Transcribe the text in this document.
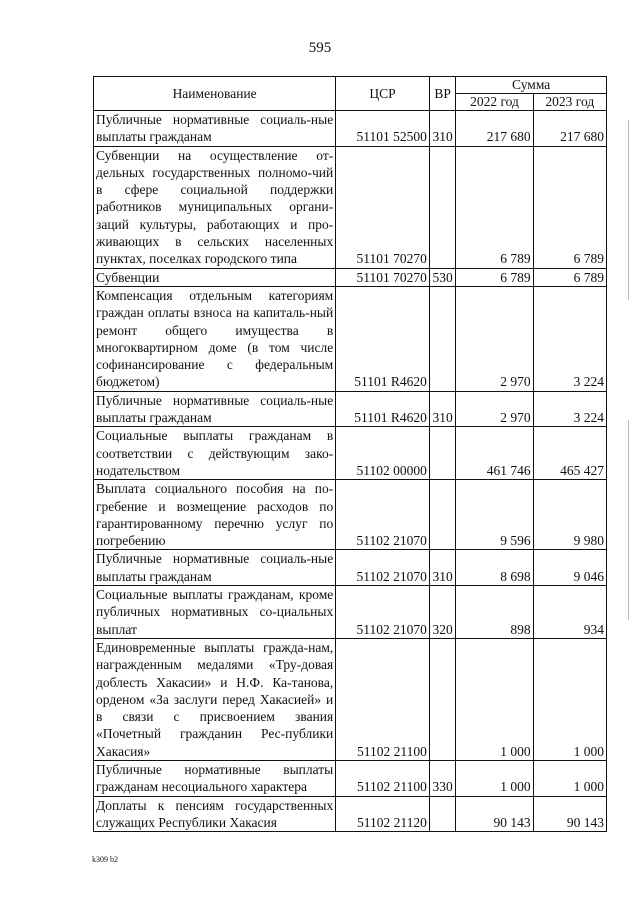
595
Наименование	ЦСР	ВР	Сумма	
			2022 год	2023 год
Публичные нормативные социаль-ные выплаты гражданам	51101 52500	310	217 680	217 680
Субвенции на осуществление от-дельных государственных полномо-чий в сфере социальной поддержки работников муниципальных органи-заций культуры, работающих и про-живающих в сельских населенных пунктах, поселках городского типа	51101 70270		6 789	6 789
Субвенции	51101 70270	530	6 789	6 789
Компенсация отдельным категориям граждан оплаты взноса на капиталь-ный ремонт общего имущества в многоквартирном доме (в том числе софинансирование с федеральным бюджетом)	51101 R4620		2 970	3 224
Публичные нормативные социаль-ные выплаты гражданам	51101 R4620	310	2 970	3 224
Социальные выплаты гражданам в соответствии с действующим зако-нодательством	51102 00000		461 746	465 427
Выплата социального пособия на по-гребение и возмещение расходов по гарантированному перечню услуг по погребению	51102 21070		9 596	9 980
Публичные нормативные социаль-ные выплаты гражданам	51102 21070	310	8 698	9 046
Социальные выплаты гражданам, кроме публичных нормативных со-циальных выплат	51102 21070	320	898	934
Единовременные выплаты гражда-нам, награжденным медалями «Тру-довая доблесть Хакасии» и Н.Ф. Ка-танова, орденом «За заслуги перед Хакасией» и в связи с присвоением звания «Почетный гражданин Рес-публики Хакасия»	51102 21100		1 000	1 000
Публичные нормативные выплаты гражданам несоциального характера	51102 21100	330	1 000	1 000
Доплаты к пенсиям государственных служащих Республики Хакасия	51102 21120		90 143	90 143
k309 b2
